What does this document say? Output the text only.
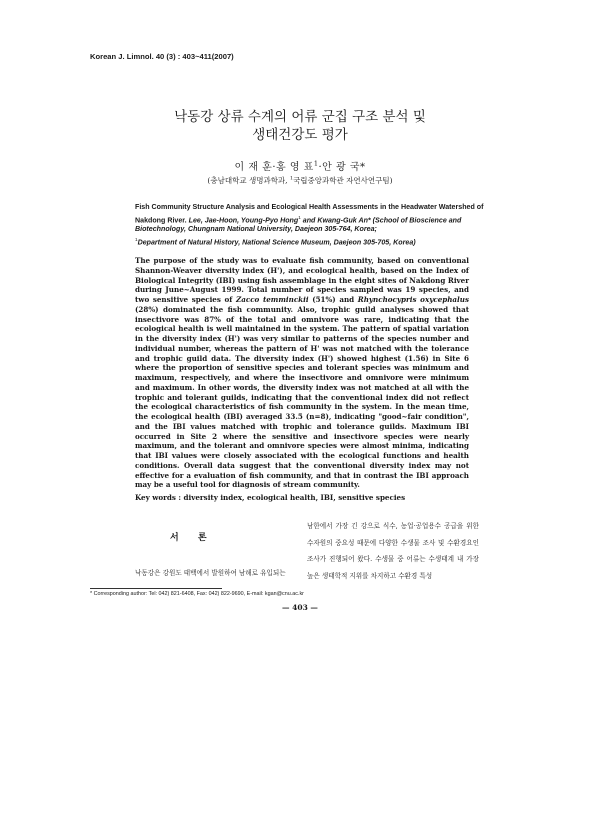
Korean J. Limnol. 40 (3) : 403~411(2007)
낙동강 상류 수계의 어류 군집 구조 분석 및
생태건강도 평가
이 재 훈·홍 영 표$^1$·안 광 국*
(충남대학교 생명과학과, $^1$국립중앙과학관 자연사연구팀)
Fish Community Structure Analysis and Ecological Health Assessments in the Headwater Watershed of Nakdong River. Lee, Jae-Hoon, Young-Pyo Hong$^1$ and Kwang-Guk An* (School of Bioscience and Biotechnology, Chungnam National University, Daejeon 305-764, Korea;
$^1$Department of Natural History, National Science Museum, Daejeon 305-705, Korea)

The purpose of the study was to evaluate fish community, based on conventional Shannon-Weaver diversity index (H'), and ecological health, based on the Index of Biological Integrity (IBI) using fish assemblage in the eight sites of Nakdong River during June~August 1999. Total number of species sampled was 19 species, and two sensitive species of Zacco temminckii (51%) and Rhynchocypris oxycephalus (28%) dominated the fish community. Also, trophic guild analyses showed that insectivore was 87% of the total and omnivore was rare, indicating that the ecological health is well maintained in the system. The pattern of spatial variation in the diversity index (H') was very similar to patterns of the species number and individual number, whereas the pattern of H' was not matched with the tolerance and trophic guild data. The diversity index (H') showed highest (1.56) in Site 6 where the proportion of sensitive species and tolerant species was minimum and maximum, respectively, and where the insectivore and omnivore were minimum and maximum. In other words, the diversity index was not matched at all with the trophic and tolerant guilds, indicating that the conventional index did not reflect the ecological characteristics of fish community in the system. In the mean time, the ecological health (IBI) averaged 33.5 (n=8), indicating "good~fair condition", and the IBI values matched with trophic and tolerance guilds. Maximum IBI occurred in Site 2 where the sensitive and insectivore species were nearly maximum, and the tolerant and omnivore species were almost minima, indicating that IBI values were closely associated with the ecological functions and health conditions. Overall data suggest that the conventional diversity index may not effective for a evaluation of fish community, and that in contrast the IBI approach may be a useful tool for diagnosis of stream community.

Key words : diversity index, ecological health, IBI, sensitive species
남한에서 가장 긴 강으로 식수, 농업·공업용수 공급을 위한 수자원의 중요성 때문에 다양한 수생물 조사 및 수환경요인조사가 진행되어 왔다. 수생물 중 어류는 수생태계 내 가장 높은 생태학적 지위를 차지하고 수환경 특성
서 론
낙동강은 강원도 태백에서 발원하여 남해로 유입되는
* Corresponding author: Tel: 042) 821-6408, Fax: 042) 822-9690, E-mail: kgan@cnu.ac.kr
— 403 —
